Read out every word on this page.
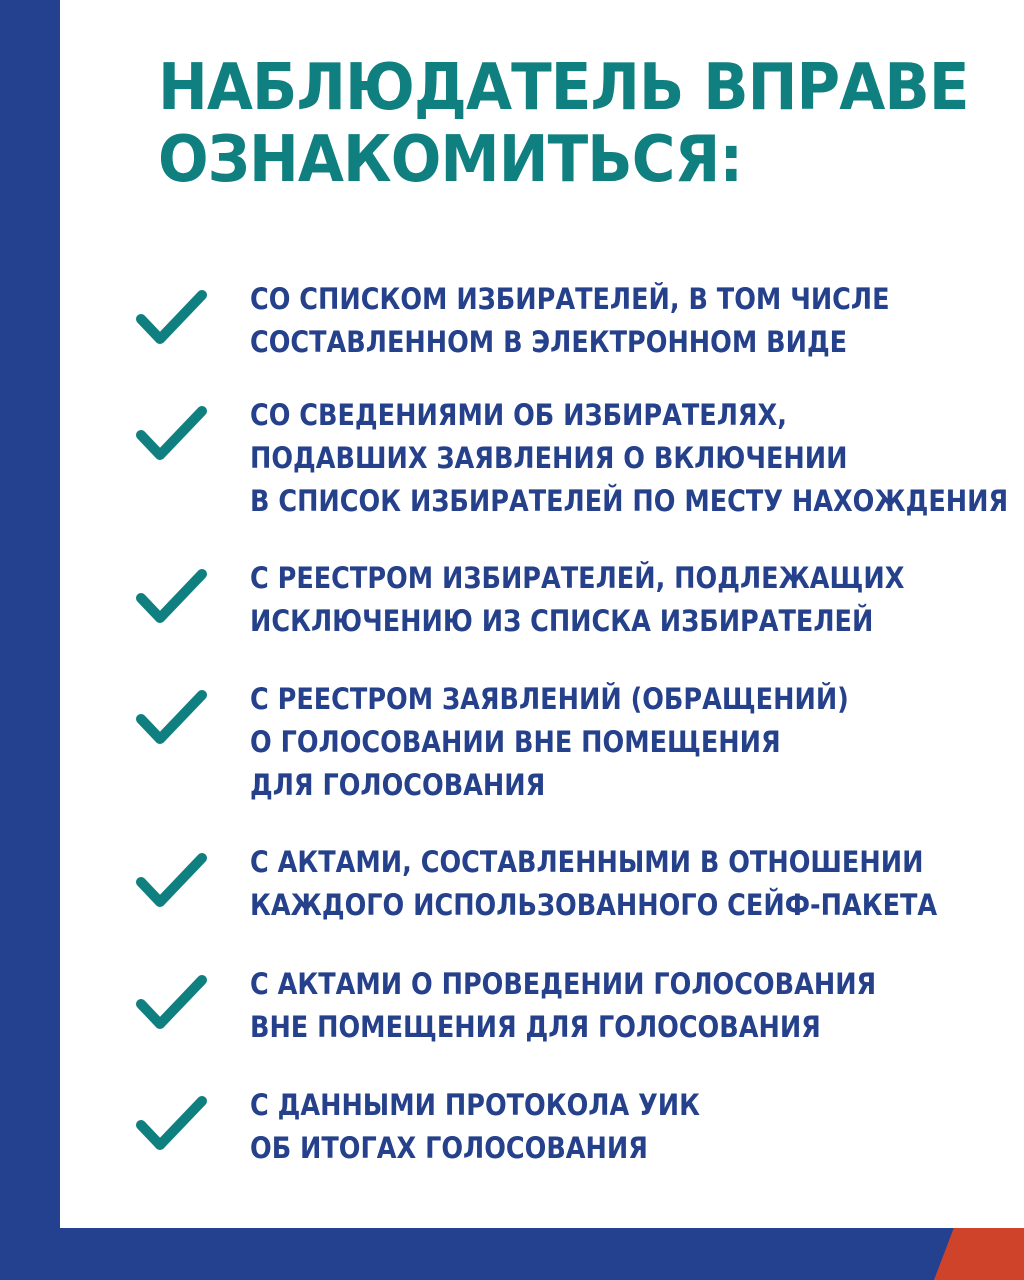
НАБЛЮДАТЕЛЬ ВПРАВЕ
ОЗНАКОМИТЬСЯ:
СО СПИСКОМ ИЗБИРАТЕЛЕЙ, В ТОМ ЧИСЛЕ
СОСТАВЛЕННОМ В ЭЛЕКТРОННОМ ВИДЕ
СО СВЕДЕНИЯМИ ОБ ИЗБИРАТЕЛЯХ,
ПОДАВШИХ ЗАЯВЛЕНИЯ О ВКЛЮЧЕНИИ
В СПИСОК ИЗБИРАТЕЛЕЙ ПО МЕСТУ НАХОЖДЕНИЯ
С РЕЕСТРОМ ИЗБИРАТЕЛЕЙ, ПОДЛЕЖАЩИХ
ИСКЛЮЧЕНИЮ ИЗ СПИСКА ИЗБИРАТЕЛЕЙ
С РЕЕСТРОМ ЗАЯВЛЕНИЙ (ОБРАЩЕНИЙ)
О ГОЛОСОВАНИИ ВНЕ ПОМЕЩЕНИЯ
ДЛЯ ГОЛОСОВАНИЯ
С АКТАМИ, СОСТАВЛЕННЫМИ В ОТНОШЕНИИ
КАЖДОГО ИСПОЛЬЗОВАННОГО СЕЙФ-ПАКЕТА
С АКТАМИ О ПРОВЕДЕНИИ ГОЛОСОВАНИЯ
ВНЕ ПОМЕЩЕНИЯ ДЛЯ ГОЛОСОВАНИЯ
С ДАННЫМИ ПРОТОКОЛА УИК
ОБ ИТОГАХ ГОЛОСОВАНИЯ
